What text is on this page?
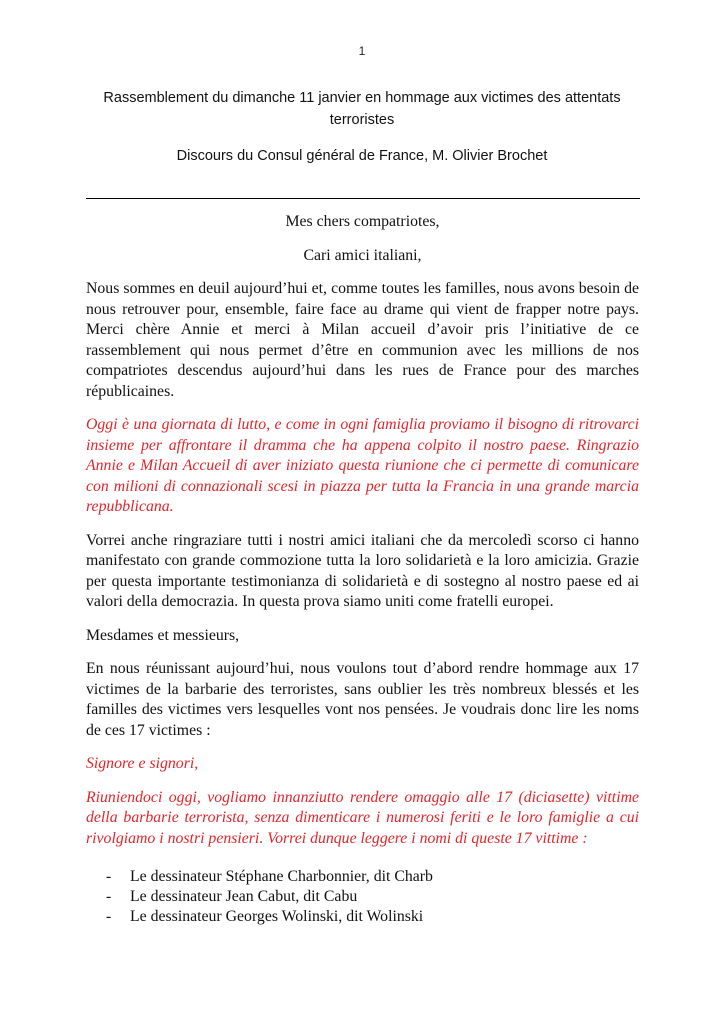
1
Rassemblement du dimanche 11 janvier en hommage aux victimes des attentats terroristes
Discours du Consul général de France, M. Olivier Brochet

Mes chers compatriotes,

Cari amici italiani,

Nous sommes en deuil aujourd’hui et, comme toutes les familles, nous avons besoin de nous retrouver pour, ensemble, faire face au drame qui vient de frapper notre pays. Merci chère Annie et merci à Milan accueil d’avoir pris l’initiative de ce rassemblement qui nous permet d’être en communion avec les millions de nos compatriotes descendus aujourd’hui dans les rues de France pour des marches républicaines.

Oggi è una giornata di lutto, e come in ogni famiglia proviamo il bisogno di ritrovarci insieme per affrontare il dramma che ha appena colpito il nostro paese. Ringrazio Annie e Milan Accueil di aver iniziato questa riunione che ci permette di comunicare con milioni di connazionali scesi in piazza per tutta la Francia in una grande marcia repubblicana.

Vorrei anche ringraziare tutti i nostri amici italiani che da mercoledì scorso ci hanno manifestato con grande commozione tutta la loro solidarietà e la loro amicizia. Grazie per questa importante testimonianza di solidarietà e di sostegno al nostro paese ed ai valori della democrazia. In questa prova siamo uniti come fratelli europei.

Mesdames et messieurs,

En nous réunissant aujourd’hui, nous voulons tout d’abord rendre hommage aux 17 victimes de la barbarie des terroristes, sans oublier les très nombreux blessés et les familles des victimes vers lesquelles vont nos pensées. Je voudrais donc lire les noms de ces 17 victimes :

Signore e signori,

Riuniendoci oggi, vogliamo innanziutto rendere omaggio alle 17 (diciasette) vittime della barbarie terrorista, senza dimenticare i numerosi feriti e le loro famiglie a cui rivolgiamo i nostri pensieri. Vorrei dunque leggere i nomi di queste 17 vittime :

- Le dessinateur Stéphane Charbonnier, dit Charb
- Le dessinateur Jean Cabut, dit Cabu
- Le dessinateur Georges Wolinski, dit Wolinski
